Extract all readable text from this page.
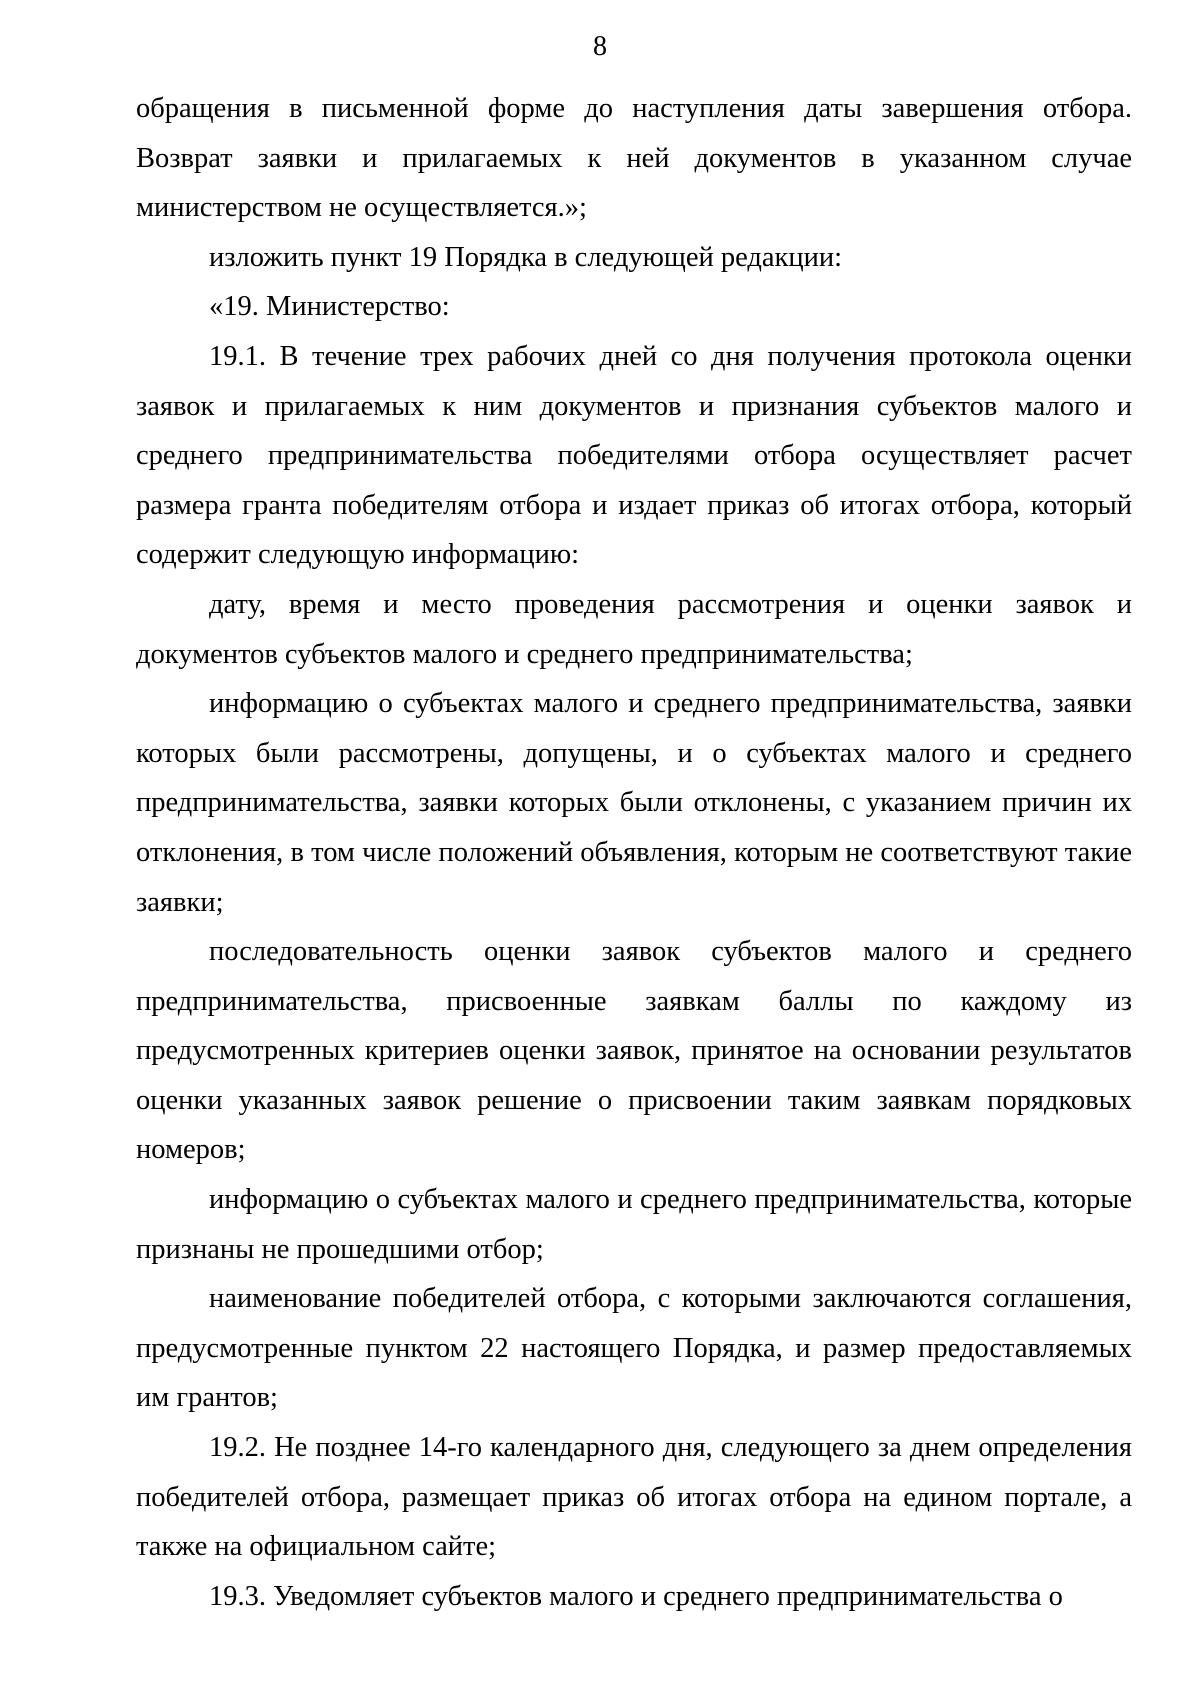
8

обращения в письменной форме до наступления даты завершения отбора. Возврат заявки и прилагаемых к ней документов в указанном случае министерством не осуществляется.»;

изложить пункт 19 Порядка в следующей редакции:

«19. Министерство:

19.1. В течение трех рабочих дней со дня получения протокола оценки заявок и прилагаемых к ним документов и признания субъектов малого и среднего предпринимательства победителями отбора осуществляет расчет размера гранта победителям отбора и издает приказ об итогах отбора, который содержит следующую информацию:

дату, время и место проведения рассмотрения и оценки заявок и документов субъектов малого и среднего предпринимательства;

информацию о субъектах малого и среднего предпринимательства, заявки которых были рассмотрены, допущены, и о субъектах малого и среднего предпринимательства, заявки которых были отклонены, с указанием причин их отклонения, в том числе положений объявления, которым не соответствуют такие заявки;

последовательность оценки заявок субъектов малого и среднего предпринимательства, присвоенные заявкам баллы по каждому из предусмотренных критериев оценки заявок, принятое на основании результатов оценки указанных заявок решение о присвоении таким заявкам порядковых номеров;

информацию о субъектах малого и среднего предпринимательства, которые признаны не прошедшими отбор;

наименование победителей отбора, с которыми заключаются соглашения, предусмотренные пунктом 22 настоящего Порядка, и размер предоставляемых им грантов;

19.2. Не позднее 14-го календарного дня, следующего за днем определения победителей отбора, размещает приказ об итогах отбора на едином портале, а также на официальном сайте;

19.3. Уведомляет субъектов малого и среднего предпринимательства о
